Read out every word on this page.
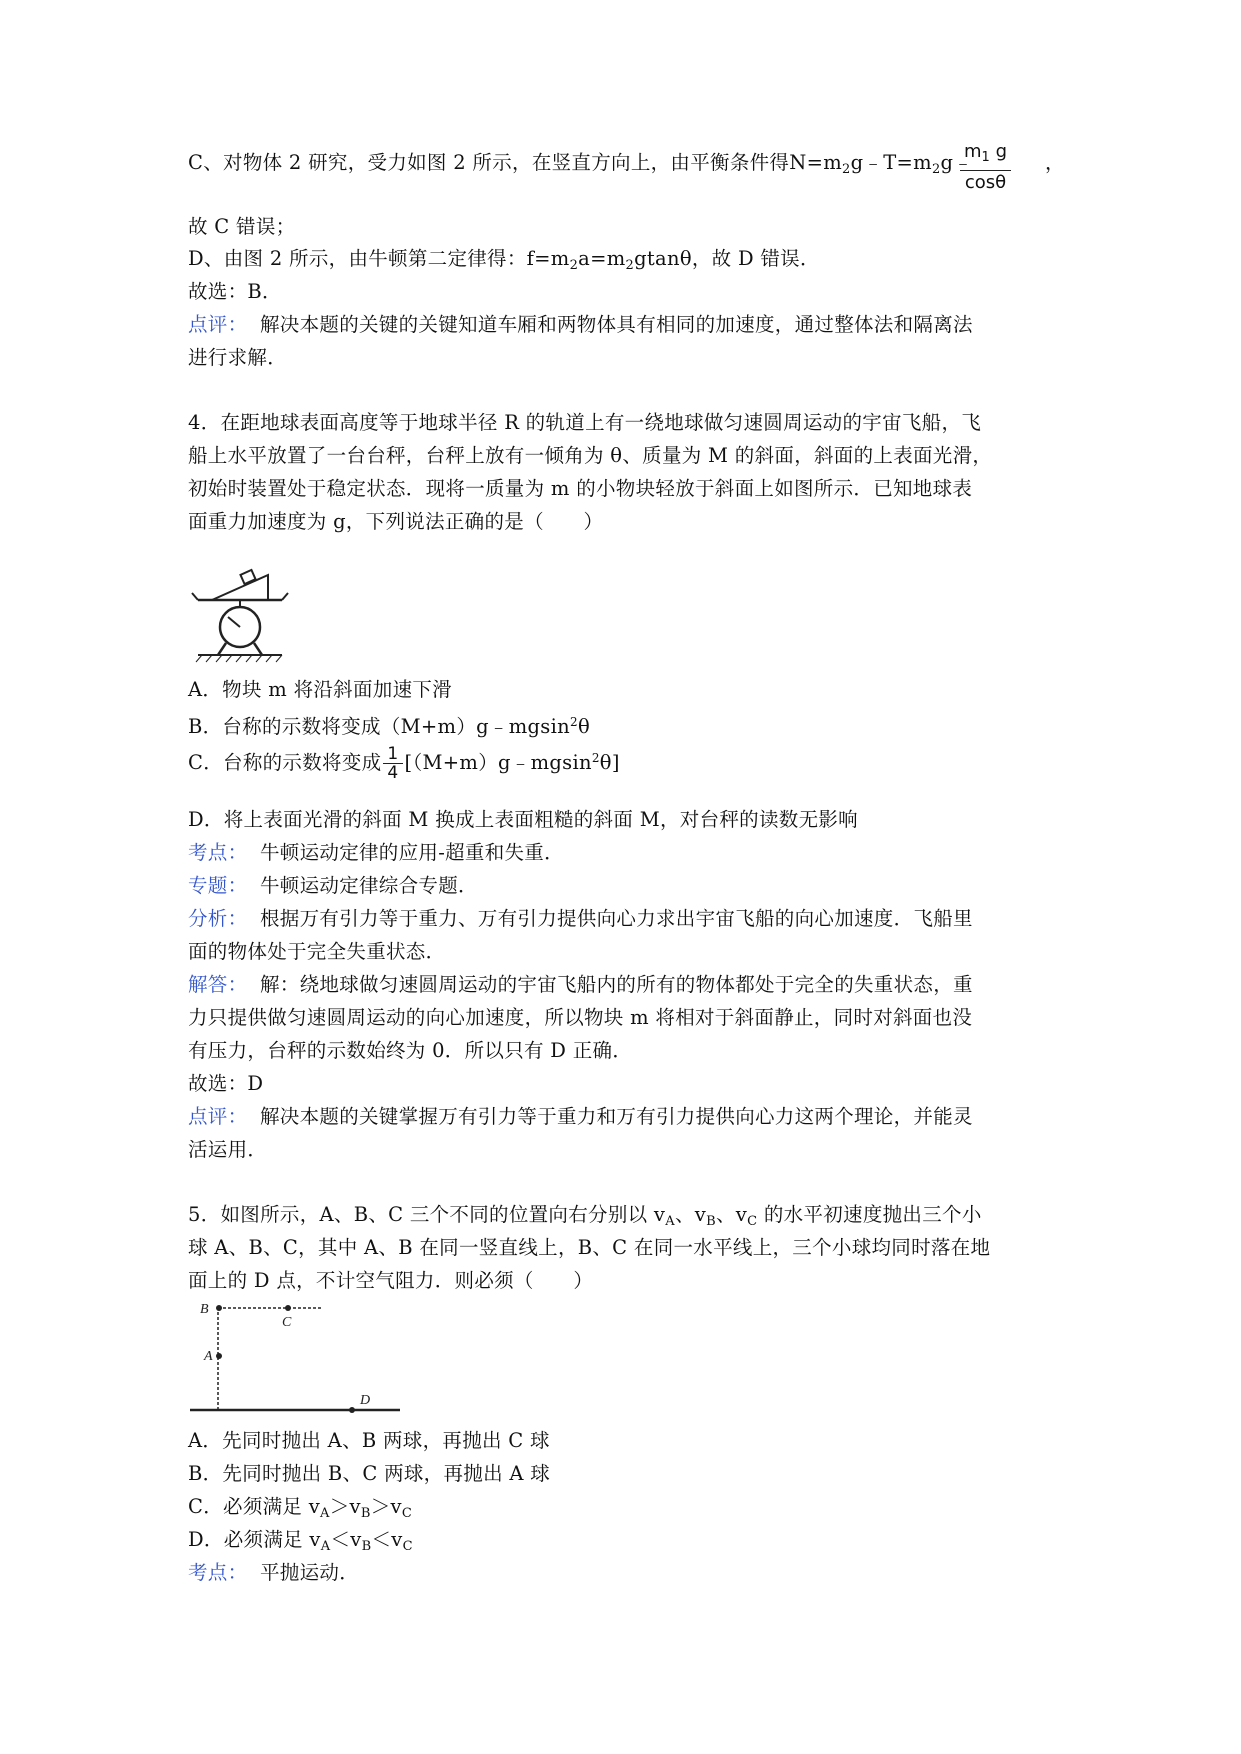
C、对物体 2 研究，受力如图 2 所示，在竖直方向上，由平衡条件得$N=m_2g﹣T=m_2g﹣$
$\frac{m_1 g}{\cos\theta}$ ，
故 C 错误；
D、由图 2 所示，由牛顿第二定律得：$f=m_2a=m_2gtan\theta$，故 D 错误．
故选：B．
点评： 解决本题的关键的关键知道车厢和两物体具有相同的加速度，通过整体法和隔离法
进行求解．
4．在距地球表面高度等于地球半径 R 的轨道上有一绕地球做匀速圆周运动的宇宙飞船，飞
船上水平放置了一台台秤，台秤上放有一倾角为 θ、质量为 M 的斜面，斜面的上表面光滑，
初始时装置处于稳定状态．现将一质量为 m 的小物块轻放于斜面上如图所示．已知地球表
面重力加速度为 g，下列说法正确的是（　　）
A．物块 m 将沿斜面加速下滑
B．台称的示数将变成（M+m）g﹣mgsin$^2$θ
C．台称的示数将变成 $\frac{1}{4}$ [（M+m）g﹣mgsin$^2$θ]
D．将上表面光滑的斜面 M 换成上表面粗糙的斜面 M，对台秤的读数无影响
考点： 牛顿运动定律的应用-超重和失重．
专题： 牛顿运动定律综合专题．
分析： 根据万有引力等于重力、万有引力提供向心力求出宇宙飞船的向心加速度．飞船里
面的物体处于完全失重状态．
解答： 解：绕地球做匀速圆周运动的宇宙飞船内的所有的物体都处于完全的失重状态，重
力只提供做匀速圆周运动的向心加速度，所以物块 m 将相对于斜面静止，同时对斜面也没
有压力，台秤的示数始终为 0．所以只有 D 正确．
故选：D
点评： 解决本题的关键掌握万有引力等于重力和万有引力提供向心力这两个理论，并能灵
活运用．
5．如图所示，A、B、C 三个不同的位置向右分别以 $v_A$、$v_B$、$v_C$ 的水平初速度抛出三个小
球 A、B、C，其中 A、B 在同一竖直线上，B、C 在同一水平线上，三个小球均同时落在地
面上的 D 点，不计空气阻力．则必须（　　）
B
C
A
D
A．先同时抛出 A、B 两球，再抛出 C 球
B．先同时抛出 B、C 两球，再抛出 A 球
C．必须满足 $v_A>v_B>v_C$
D．必须满足 $v_A<v_B<v_C$
考点： 平抛运动．
